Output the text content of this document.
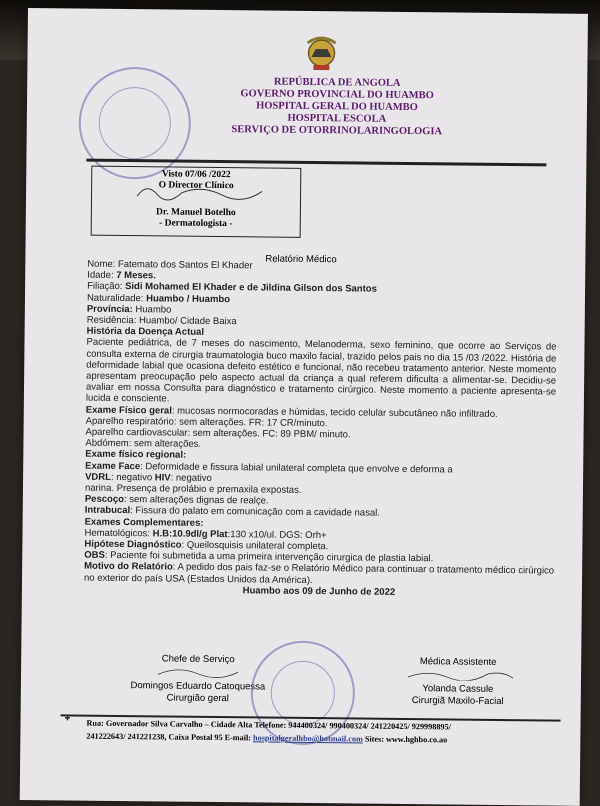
REPÚBLICA DE ANGOLA
GOVERNO PROVINCIAL DO HUAMBO
HOSPITAL GERAL DO HUAMBO
HOSPITAL ESCOLA
SERVIÇO DE OTORRINOLARINGOLOGIA
Visto 07/06 /2022
O Director Clínico
Dr. Manuel Botelho
- Dermatologista -
Relatório Médico

Nome: Fatemato dos Santos El Khader

Idade: 7 Meses.

Filiação: Sidi Mohamed El Khader e de Jildina Gilson dos Santos

Naturalidade: Huambo / Huambo

Província: Huambo

Residência: Huambo/ Cidade Baixa

História da Doença Actual

Paciente pediátrica, de 7 meses do nascimento, Melanoderma, sexo feminino, que ocorre ao Serviços de consulta externa de cirurgia traumatologia buco maxilo facial, trazido pelos pais no dia 15 /03 /2022. História de deformidade labial que ocasiona defeito estético e funcional, não recebeu tratamento anterior. Neste momento apresentam preocupação pelo aspecto actual da criança a qual referem dificulta a alimentar-se. Decidiu-se avaliar em nossa Consulta para diagnóstico e tratamento cirúrgico. Neste momento a paciente apresenta-se lucida e consciente.

Exame Físico geral: mucosas normocoradas e húmidas, tecido celular subcutâneo não infiltrado.

Aparelho respiratório: sem alterações. FR: 17 CR/minuto.

Aparelho cardiovascular: sem alterações. FC: 89 PBM/ minuto.

Abdómem: sem alterações.

Exame físico regional:

Exame Face: Deformidade e fissura labial unilateral completa que envolve e deforma a

VDRL: negativo HIV: negativo

narina. Presença de prolábio e premaxila expostas.

Pescoço: sem alterações dignas de realçe.

Intrabucal: Fissura do palato em comunicação com a cavidade nasal.

Exames Complementares:

Hematológicos: H.B:10.9dl/g Plat:130 x10/ul. DGS: Orh+

Hipótese Diagnóstico: Queilosquisis unilateral completa.

OBS: Paciente foi submetida a uma primeira intervenção cirurgica de plastia labial.

Motivo do Relatório: A pedido dos pais faz-se o Relatório Médico para continuar o tratamento médico cirúrgico no exterior do país USA (Estados Unidos da América).

Huambo aos 09 de Junho de 2022

Chefe de Serviço
Domingos Eduardo Catoquessa
Cirurgião geral
Médica Assistente
Yolanda Cassule
Cirurgiã Maxilo-Facial
✚	Rua: Governador Silva Carvalho – Cidade Alta Telefone: 944400324/ 990400324/ 241220425/ 929998895/
241222643/ 241221238, Caixa Postal 95 E-mail: hospitalgeralhbo@hotmail.com Sites: www.hghbo.co.ao
